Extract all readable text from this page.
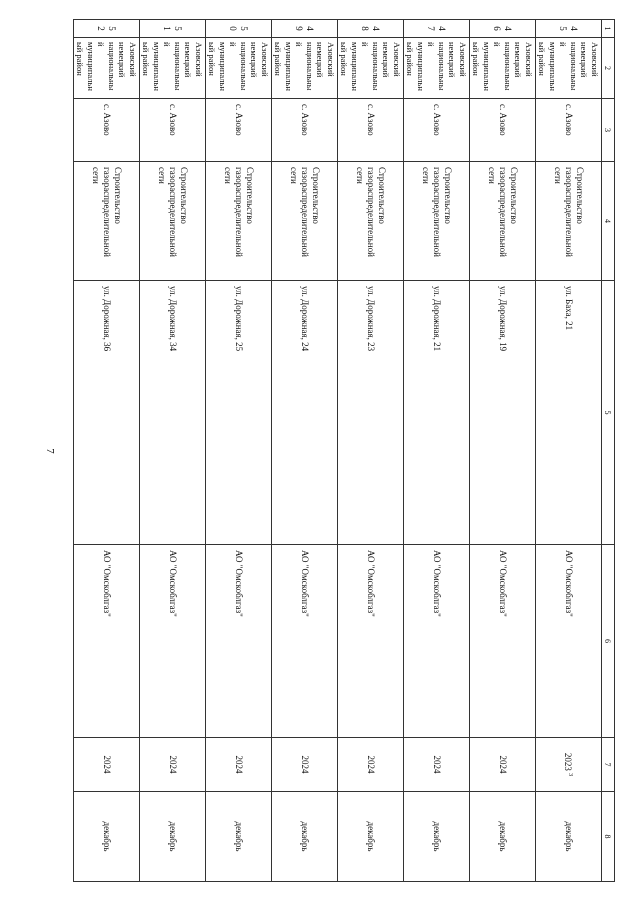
7
1	2	3	4	5	6	7	8
45	Азовский немецкий национальный муниципальный район	с. Азово	Строительство газораспределительной сети	ул. Баха, 21	АО "Омскоблгаз"	2023 $^3$	декабрь
46	Азовский немецкий национальный муниципальный район	с. Азово	Строительство газораспределительной сети	ул. Дорожная, 19	АО "Омскоблгаз"	2024	декабрь
47	Азовский немецкий национальный муниципальный район	с. Азово	Строительство газораспределительной сети	ул. Дорожная, 21	АО "Омскоблгаз"	2024	декабрь
48	Азовский немецкий национальный муниципальный район	с. Азово	Строительство газораспределительной сети	ул. Дорожная, 23	АО "Омскоблгаз"	2024	декабрь
49	Азовский немецкий национальный муниципальный район	с. Азово	Строительство газораспределительной сети	ул. Дорожная, 24	АО "Омскоблгаз"	2024	декабрь
50	Азовский немецкий национальный муниципальный район	с. Азово	Строительство газораспределительной сети	ул. Дорожная, 25	АО "Омскоблгаз"	2024	декабрь
51	Азовский немецкий национальный муниципальный район	с. Азово	Строительство газораспределительной сети	ул. Дорожная, 34	АО "Омскоблгаз"	2024	декабрь
52	Азовский немецкий национальный муниципальный район	с. Азово	Строительство газораспределительной сети	ул. Дорожная, 36	АО "Омскоблгаз"	2024	декабрь
